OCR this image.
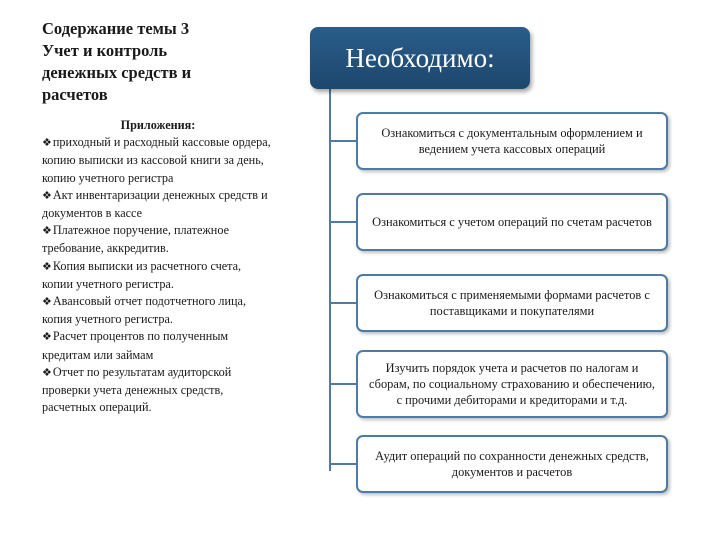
Содержание темы 3
Учет и контроль
денежных средств и
расчетов
Приложения:
❖приходный и расходный кассовые ордера, копию выписки из кассовой книги за день, копию учетного регистра
❖Акт инвентаризации денежных средств и документов в кассе
❖Платежное поручение, платежное требование, аккредитив.
❖Копия выписки из расчетного счета, копии учетного регистра.
❖Авансовый отчет подотчетного лица, копия учетного регистра.
❖Расчет процентов по полученным кредитам или займам
❖Отчет по результатам аудиторской проверки учета денежных средств, расчетных операций.
Необходимо:
Ознакомиться с документальным оформлением и ведением учета кассовых операций
Ознакомиться с учетом операций по счетам расчетов
Ознакомиться с применяемыми формами расчетов с поставщиками и покупателями
Изучить порядок учета и расчетов по налогам и сборам, по социальному страхованию и обеспечению, с прочими дебиторами и кредиторами и т.д.
Аудит операций по сохранности денежных средств, документов и расчетов
